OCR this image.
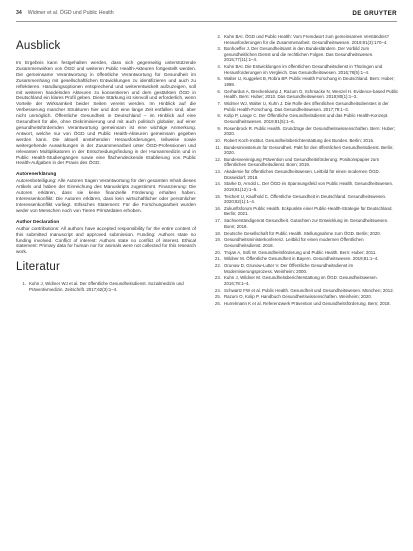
34 Widmer et al. ÖGD und Public Health	DE GRUYTER
Ausblick

Im Ergebnis kann festgehalten werden, dass sich gegenseitig unterstützende Zusammenwirken von ÖGD und weiteren Public Health-Akteuren fortgestellt werden. Die gemeinsame Verantwortung in öffentliche Verantwortung für Gesundheit im Zusammenhang mit gesellschaftlichen Entwicklungen zu identifizieren und auch zu reflektieren. Handlungsoptionen entsprechend und weiterentwickelt aufzuzeigen, soll mit weiteren handelnden Akteuren zu konsentieren und dem gestärkten ÖGD in Deutschland ein klares Profil geben. Diese Stärkung ist sinnvoll und erforderlich, wenn Vorteile der Wirksamkeit beider Seiten vereint werden. Im Hinblick auf die Verbesserung mancher Strukturen hier und dort eine lange Zeit entfallen sind, aber nicht unmöglich. Öffentliche Gesundheit in Deutschland – im Hinblick auf eine Gesundheit für alle, ohne Diskriminierung und mit auch politisch globaler, auf einer gesundheitsfördernden Verantwortung gemeinsam ist eine wichtige Anmerkung. Antwort, welche nur von ÖGD und Public Health-Akteuren gemeinsam gegeben werden kann. Die aktuell anstehenden Herausforderungen, teilweise sowie weitergehende Auswirkungen in der Zusammenarbeit unter ÖGD-Professionen und relevanten Multiplikatoren in der Entscheidungsfindung in der Humanmedizin und in Public Health-Studiengängen sowie eine flächendeckende Etablierung von Public Health-Aufgaben in der Praxis des ÖGD.

Autorenerklärung

Autorenbeteiligung: Alle Autoren tragen Verantwortung für den gesamten Inhalt dieses Artikels und haben der Einreichung des Manuskripts zugestimmt. Finanzierung: Die Autoren erklären, dass sie keine finanzielle Förderung erhalten haben. Interessenkonflikt: Die Autoren erklären, dass kein wirtschaftlicher oder persönlicher Interessenkonflikt vorliegt. Ethisches Statement: Für die Forschungsarbeit wurden weder von Menschen noch von Tieren Primärdaten erhoben.

Author Declaration

Author contributions: All authors have accepted responsibility for the entire content of this submitted manuscript and approved submission. Funding: Authors state no funding involved. Conflict of interest: Authors state no conflict of interest. Ethical statement: Primary data for human nor for animals were not collected for this research work.

Literatur
1. Kuhn J, Widmer WJ et al. Der öffentliche Gesundheitsdienst. Sozialmedizin und Präventivmedizin. Zeitschrift. 2017;62(3):1–4.
2. Kuhn BAI. ÖGD und Public Health: Vom Fremdwort zum gemeinsamen Verständnis? Herausforderungen für die Zusammenarbeit. Gesundheitswesen. 2019;81(3):170–4.
3. Bonhoeffer J. Der Gesundheitsamt in den Bundesländern. Der Vorbild zum gesundheitlichen Dienst und die rechtlichen Folgen. Das Gesundheitswesen. 2015;77(11):1–4.
4. Kuhn BAI. Die Entwicklungen im öffentlichen Gesundheitsdienst in Thüringen und Herausforderungen im Vergleich. Das Gesundheitswesen. 2016;78(5):1–4.
5. Walter U, Kuggeleit B, Robra BP. Public Health Forschung in Deutschland. Bern: Huber; 1998.
6. Gerhardus A, Breckenkamp J, Razum O, Schmacke N, Wenzel H. Evidence-based Public Health. Bern: Huber; 2010. Das Gesundheitswesen. 2018;80(1):1–3.
7. Widmer WJ, Walter U, Kuhn J. Die Rolle des öffentlichen Gesundheitsdienstes in der Public Health-Forschung. Das Gesundheitswesen. 2017;79:1–3.
8. Kolip P, Lange C. Der Öffentliche Gesundheitsdienst und das Public Health-Konzept. Gesundheitswesen. 2019;81(5):1–6.
9. Rosenbrock R. Public Health. Grundzüge der Gesundheitswissenschaften. Bern: Huber; 2020.
10. Robert Koch-Institut. Gesundheitsberichterstattung des Bundes. Berlin; 2015.
11. Bundesministerium für Gesundheit. Pakt für den öffentlichen Gesundheitsdienst. Berlin; 2020.
12. Bundesvereinigung Prävention und Gesundheitsförderung. Positionspapier zum öffentlichen Gesundheitsdienst. Bonn; 2019.
13. Akademie für öffentliches Gesundheitswesen. Leitbild für einen modernen ÖGD. Düsseldorf; 2018.
14. Starke D, Arnold L. Der ÖGD im Spannungsfeld von Public Health. Gesundheitswesen. 2019;81(12):1–5.
15. Teichert U, Kaufhold C. Öffentliche Gesundheit in Deutschland. Gesundheitswesen. 2020;82(1):1–4.
16. Zukunftsforum Public Health. Eckpunkte einer Public-Health-Strategie für Deutschland. Berlin; 2021.
17. Sachverständigenrat Gesundheit. Gutachten zur Entwicklung im Gesundheitswesen. Bonn; 2018.
18. Deutsche Gesellschaft für Public Health. Stellungnahme zum ÖGD. Berlin; 2020.
19. Gesundheitsministerkonferenz. Leitbild für einen modernen Öffentlichen Gesundheitsdienst. 2018.
20. Trojan A, Süß W. Gesundheitsförderung und Public Health. Bern: Huber; 2011.
21. Wildner M. Öffentliche Gesundheit in Bayern. Gesundheitswesen. 2019;81:1–4.
22. Grunow D, Grunow-Lutter V. Der Öffentliche Gesundheitsdienst im Modernisierungsprozess. Weinheim; 2000.
23. Kuhn J, Wildner M. Gesundheitsberichterstattung im ÖGD. Gesundheitswesen. 2016;78:1–4.
24. Schwartz FW et al. Public Health. Gesundheit und Gesundheitswesen. München; 2012.
25. Razum O, Kolip P. Handbuch Gesundheitswissenschaften. Weinheim; 2020.
26. Hurrelmann K et al. Referenzwerk Prävention und Gesundheitsförderung. Bern; 2018.
